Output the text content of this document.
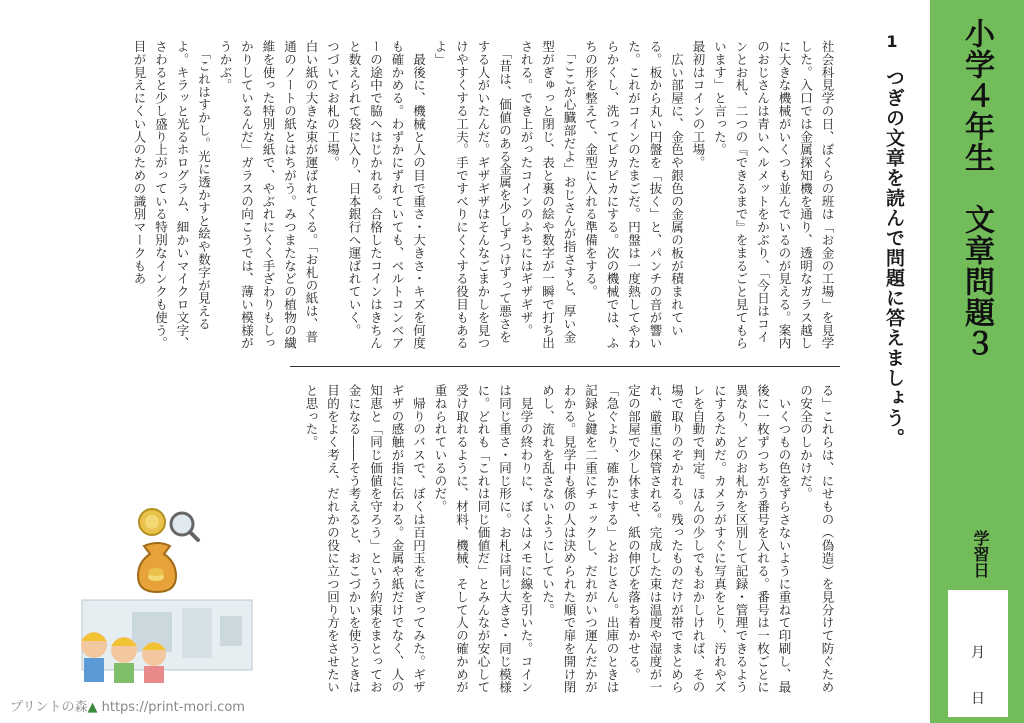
小学４年生　文章問題３
学習日
月
日
1
つぎの文章を読んで問題に答えましょう。
社会科見学の日、ぼくらの班は「お金の工場」を見学した。入口では金属探知機を通り、透明なガラス越しに大きな機械がいくつも並んでいるのが見える。案内のおじさんは青いヘルメットをかぶり、「今日はコインとお札、二つの『できるまで』をまるごと見てもらいます」と言った。
最初はコインの工場。
　広い部屋に、金色や銀色の金属の板が積まれている。板から丸い円盤を「抜く」と、パンチの音が響いた。これがコインのたまごだ。円盤は一度熱してやわらかくし、洗ってピカピカにする。次の機械では、ふちの形を整えて、金型に入れる準備をする。
　「ここが心臓部だよ」おじさんが指さすと、厚い金型がぎゅっと閉じ、表と裏の絵や数字が一瞬で打ち出される。でき上がったコインのふちにはギザギザ。
　「昔は、価値のある金属を少しずつけずって悪さをする人がいたんだ。ギザギザはそんなごまかしを見つけやすくする工夫。手ですべりにくくする役目もあるよ」
　最後に、機械と人の目で重さ・大きさ・キズを何度も確かめる。わずかにずれていても、ベルトコンベアーの途中で脇へはじかれる。合格したコインはきちんと数えられて袋に入り、日本銀行へ運ばれていく。
つづいてお札の工場。
白い紙の大きな束が運ばれてくる。「お札の紙は、普通のノートの紙とはちがう。みつまたなどの植物の繊維を使った特別な紙で、やぶれにくく手ざわりもしっかりしているんだ」ガラスの向こうでは、薄い模様がうかぶ。
　「これはすかし。光に透かすと絵や数字が見えるよ。キラッと光るホログラム、細かいマイクロ文字、さわると少し盛り上がっている特別なインクも使う。目が見えにくい人のための識別マークもあ
る」これらは、にせもの（偽造）を見分けて防ぐための安全のしかけだ。
　いくつもの色をずらさないように重ねて印刷し、最後に一枚ずつちがう番号を入れる。番号は一枚ごとに異なり、どのお札かを区別して記録・管理できるようにするためだ。カメラがすぐに写真をとり、汚れやズレを自動で判定。ほんの少しでもおかしければ、その場で取りのぞかれる。残ったものだけが帯でまとめられ、厳重に保管される。完成した束は温度や湿度が一定の部屋で少し休ませ、紙の伸びを落ち着かせる。「急ぐより、確かにする」とおじさん。出庫のときは記録と鍵を二重にチェックし、だれがいつ運んだかがわかる。見学中も係の人は決められた順で扉を開け閉めし、流れを乱さないようにしていた。
　見学の終わりに、ぼくはメモに線を引いた。コインは同じ重さ・同じ形に。お札は同じ大きさ・同じ模様に。どれも「これは同じ価値だ」とみんなが安心して受け取れるように、材料、機械、そして人の確かめが重ねられているのだ。
　帰りのバスで、ぼくは百円玉をにぎってみた。ギザギザの感触が指に伝わる。金属や紙だけでなく、人の知恵と「同じ価値を守ろう」という約束をまとってお金になる――そう考えると、おこづかいを使うときは目的をよく考え、だれかの役に立つ回り方をさせたいと思った。
プリントの森▲ https://print-mori.com
